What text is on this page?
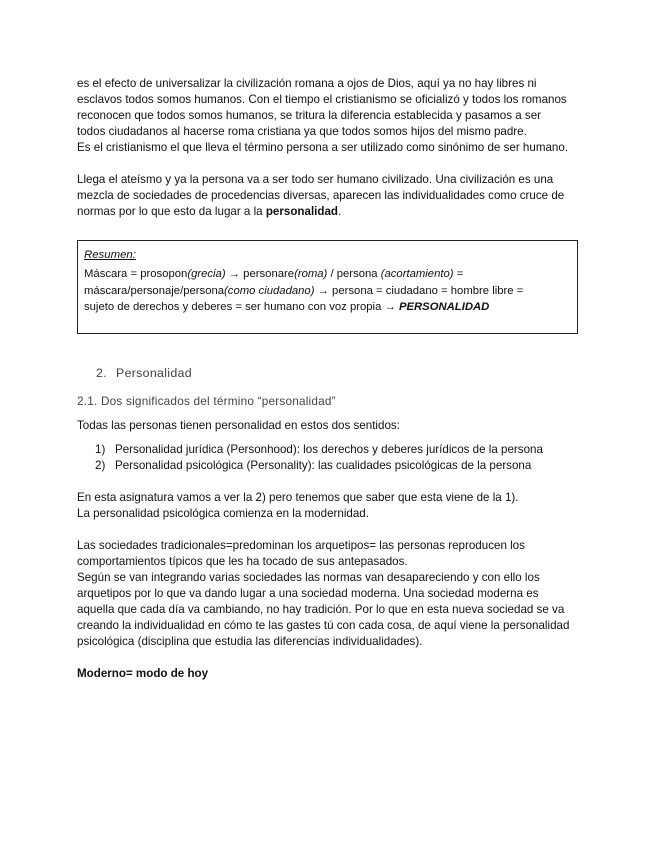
es el efecto de universalizar la civilización romana a ojos de Dios, aquí ya no hay libres ni

esclavos todos somos humanos. Con el tiempo el cristianismo se oficializó y todos los romanos

reconocen que todos somos humanos, se tritura la diferencia establecida y pasamos a ser

todos ciudadanos al hacerse roma cristiana ya que todos somos hijos del mismo padre.

Es el cristianismo el que lleva el término persona a ser utilizado como sinónimo de ser humano.

Llega el ateísmo y ya la persona va a ser todo ser humano civilizado. Una civilización es una

mezcla de sociedades de procedencias diversas, aparecen las individualidades como cruce de

normas por lo que esto da lugar a la personalidad.

Resumen:

Máscara = prosopon(grecia) → personare(roma) / persona (acortamiento) =

máscara/personaje/persona(como ciudadano) → persona = ciudadano = hombre libre =

sujeto de derechos y deberes = ser humano con voz propia → PERSONALIDAD

2. Personalidad
2.1. Dos significados del término “personalidad”

Todas las personas tienen personalidad en estos dos sentidos:

1) Personalidad jurídica (Personhood): los derechos y deberes jurídicos de la persona
2) Personalidad psicológica (Personality): las cualidades psicológicas de la persona

En esta asignatura vamos a ver la 2) pero tenemos que saber que esta viene de la 1).

La personalidad psicológica comienza en la modernidad.

Las sociedades tradicionales=predominan los arquetipos= las personas reproducen los

comportamientos típicos que les ha tocado de sus antepasados.

Según se van integrando varias sociedades las normas van desapareciendo y con ello los

arquetipos por lo que va dando lugar a una sociedad moderna. Una sociedad moderna es

aquella que cada día va cambiando, no hay tradición. Por lo que en esta nueva sociedad se va

creando la individualidad en cómo te las gastes tú con cada cosa, de aquí viene la personalidad

psicológica (disciplina que estudia las diferencias individualidades).

Moderno= modo de hoy
